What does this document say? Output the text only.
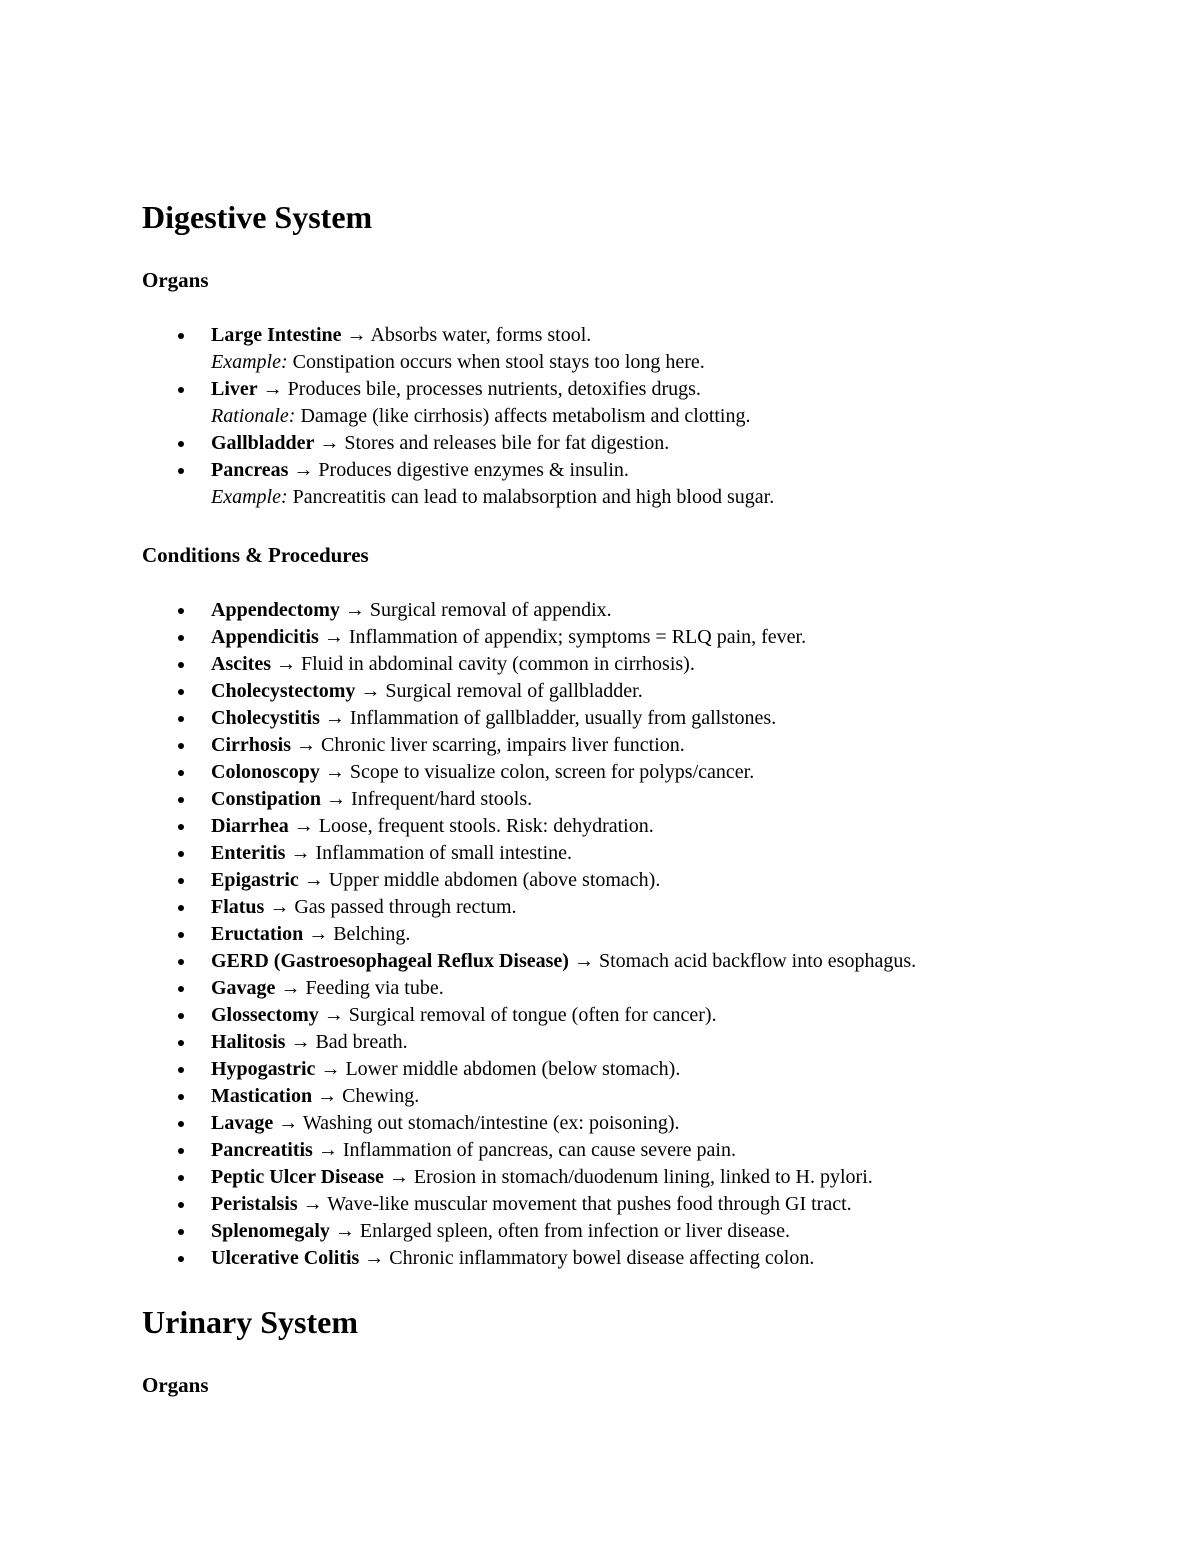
Digestive System
Organs
Large Intestine → Absorbs water, forms stool.
Example: Constipation occurs when stool stays too long here.
Liver → Produces bile, processes nutrients, detoxifies drugs.
Rationale: Damage (like cirrhosis) affects metabolism and clotting.
Gallbladder → Stores and releases bile for fat digestion.
Pancreas → Produces digestive enzymes & insulin.
Example: Pancreatitis can lead to malabsorption and high blood sugar.
Conditions & Procedures
Appendectomy → Surgical removal of appendix.
Appendicitis → Inflammation of appendix; symptoms = RLQ pain, fever.
Ascites → Fluid in abdominal cavity (common in cirrhosis).
Cholecystectomy → Surgical removal of gallbladder.
Cholecystitis → Inflammation of gallbladder, usually from gallstones.
Cirrhosis → Chronic liver scarring, impairs liver function.
Colonoscopy → Scope to visualize colon, screen for polyps/cancer.
Constipation → Infrequent/hard stools.
Diarrhea → Loose, frequent stools. Risk: dehydration.
Enteritis → Inflammation of small intestine.
Epigastric → Upper middle abdomen (above stomach).
Flatus → Gas passed through rectum.
Eructation → Belching.
GERD (Gastroesophageal Reflux Disease) → Stomach acid backflow into esophagus.
Gavage → Feeding via tube.
Glossectomy → Surgical removal of tongue (often for cancer).
Halitosis → Bad breath.
Hypogastric → Lower middle abdomen (below stomach).
Mastication → Chewing.
Lavage → Washing out stomach/intestine (ex: poisoning).
Pancreatitis → Inflammation of pancreas, can cause severe pain.
Peptic Ulcer Disease → Erosion in stomach/duodenum lining, linked to H. pylori.
Peristalsis → Wave-like muscular movement that pushes food through GI tract.
Splenomegaly → Enlarged spleen, often from infection or liver disease.
Ulcerative Colitis → Chronic inflammatory bowel disease affecting colon.
Urinary System
Organs
